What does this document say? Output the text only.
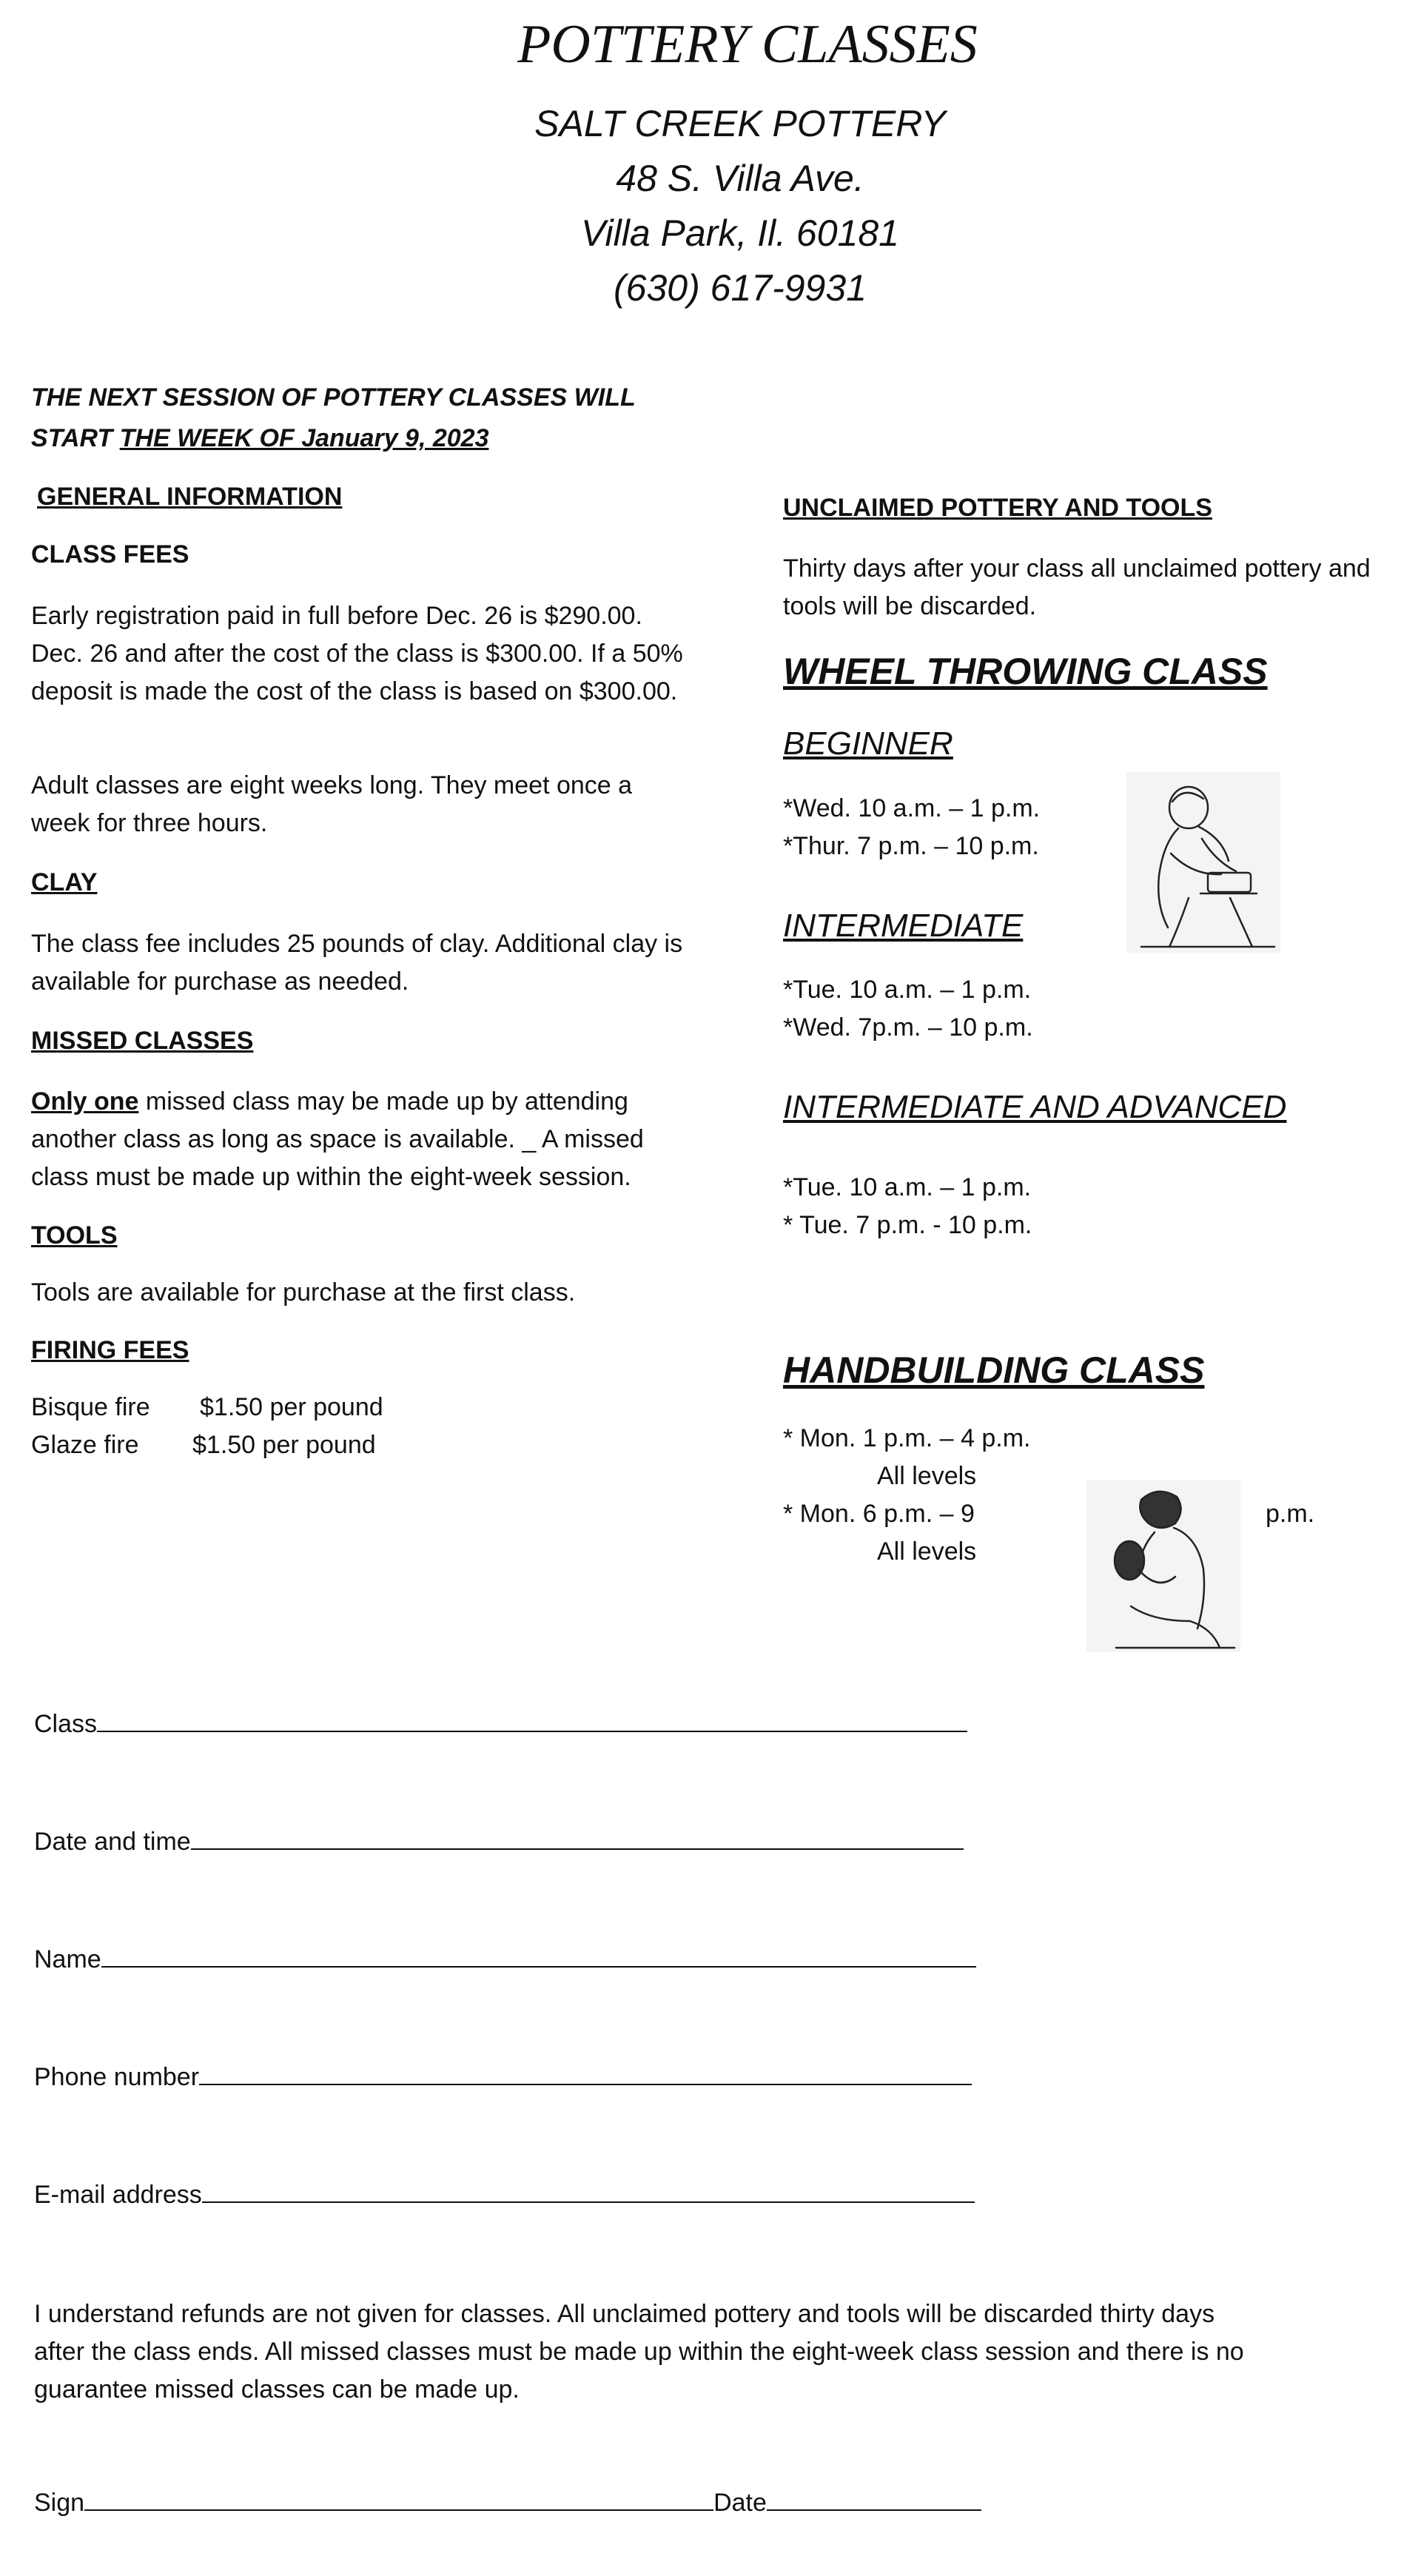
POTTERY CLASSES
SALT CREEK POTTERY
48 S. Villa Ave.
Villa Park, Il. 60181
(630) 617-9931
THE NEXT SESSION OF POTTERY CLASSES WILL
START THE WEEK OF January 9, 2023
GENERAL INFORMATION
CLASS FEES
Early registration paid in full before Dec. 26 is $290.00. Dec. 26 and after the cost of the class is $300.00. If a 50% deposit is made the cost of the class is based on $300.00.
Adult classes are eight weeks long. They meet once a week for three hours.
CLAY
The class fee includes 25 pounds of clay. Additional clay is available for purchase as needed.
MISSED CLASSES
Only one missed class may be made up by attending another class as long as space is available. _ A missed class must be made up within the eight-week session.
TOOLS
Tools are available for purchase at the first class.
FIRING FEES
Bisque fire $1.50 per pound
Glaze fire $1.50 per pound
UNCLAIMED POTTERY AND TOOLS
Thirty days after your class all unclaimed pottery and tools will be discarded.
WHEEL THROWING CLASS
BEGINNER
*Wed. 10 a.m. – 1 p.m.
*Thur. 7 p.m. – 10 p.m.
INTERMEDIATE
*Tue. 10 a.m. – 1 p.m.
*Wed. 7p.m. – 10 p.m.
INTERMEDIATE AND ADVANCED
*Tue. 10 a.m. – 1 p.m.
* Tue. 7 p.m. - 10 p.m.
HANDBUILDING CLASS
* Mon. 1 p.m. – 4 p.m.
All levels
* Mon. 6 p.m. – 9	p.m.
All levels
Class
Date and time
Name
Phone number
E-mail address
I understand refunds are not given for classes. All unclaimed pottery and tools will be discarded thirty days after the class ends. All missed classes must be made up within the eight-week class session and there is no guarantee missed classes can be made up.
Sign	Date
